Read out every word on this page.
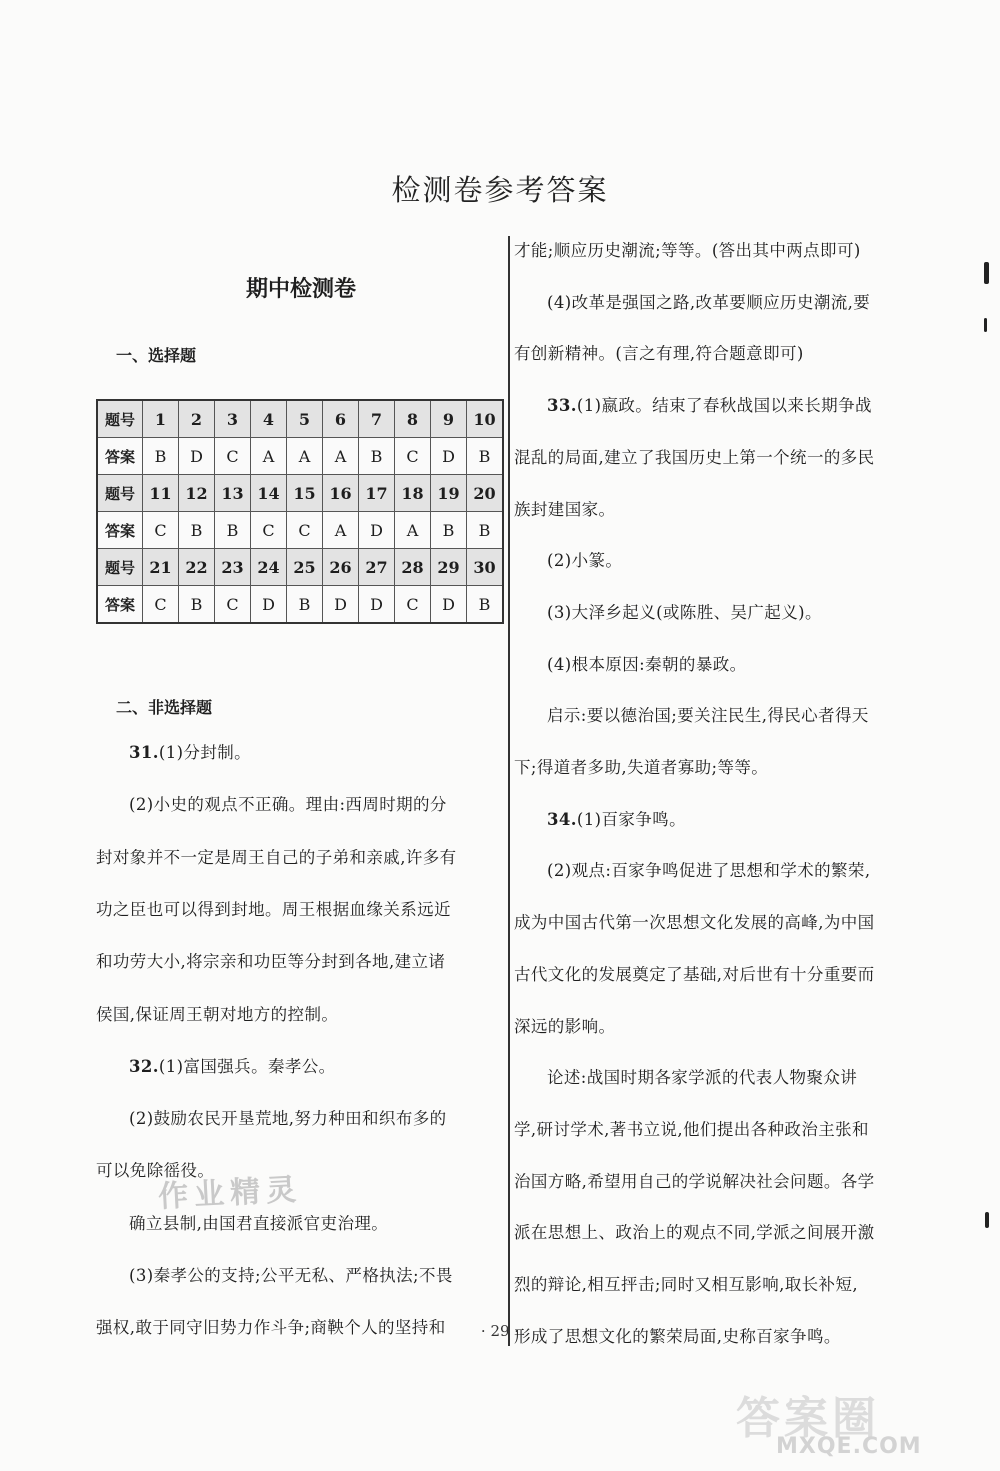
检测卷参考答案
期中检测卷
一、选择题
题号	1	2	3	4	5	6	7	8	9	10
答案	B	D	C	A	A	A	B	C	D	B
题号	11	12	13	14	15	16	17	18	19	20
答案	C	B	B	C	C	A	D	A	B	B
题号	21	22	23	24	25	26	27	28	29	30
答案	C	B	C	D	B	D	D	C	D	B
二、非选择题
31.(1)分封制。
(2)小史的观点不正确。理由:西周时期的分
封对象并不一定是周王自己的子弟和亲戚,许多有
功之臣也可以得到封地。周王根据血缘关系远近
和功劳大小,将宗亲和功臣等分封到各地,建立诸
侯国,保证周王朝对地方的控制。
32.(1)富国强兵。秦孝公。
(2)鼓励农民开垦荒地,努力种田和织布多的
可以免除徭役。
确立县制,由国君直接派官吏治理。
(3)秦孝公的支持;公平无私、严格执法;不畏
强权,敢于同守旧势力作斗争;商鞅个人的坚持和
才能;顺应历史潮流;等等。(答出其中两点即可)
(4)改革是强国之路,改革要顺应历史潮流,要
有创新精神。(言之有理,符合题意即可)
33.(1)嬴政。结束了春秋战国以来长期争战
混乱的局面,建立了我国历史上第一个统一的多民
族封建国家。
(2)小篆。
(3)大泽乡起义(或陈胜、吴广起义)。
(4)根本原因:秦朝的暴政。
启示:要以德治国;要关注民生,得民心者得天
下;得道者多助,失道者寡助;等等。
34.(1)百家争鸣。
(2)观点:百家争鸣促进了思想和学术的繁荣,
成为中国古代第一次思想文化发展的高峰,为中国
古代文化的发展奠定了基础,对后世有十分重要而
深远的影响。
论述:战国时期各家学派的代表人物聚众讲
学,研讨学术,著书立说,他们提出各种政治主张和
治国方略,希望用自己的学说解决社会问题。各学
派在思想上、政治上的观点不同,学派之间展开激
烈的辩论,相互抨击;同时又相互影响,取长补短,
形成了思想文化的繁荣局面,史称百家争鸣。
· 29 ·
作业精灵
答案圈
MXQE.COM
